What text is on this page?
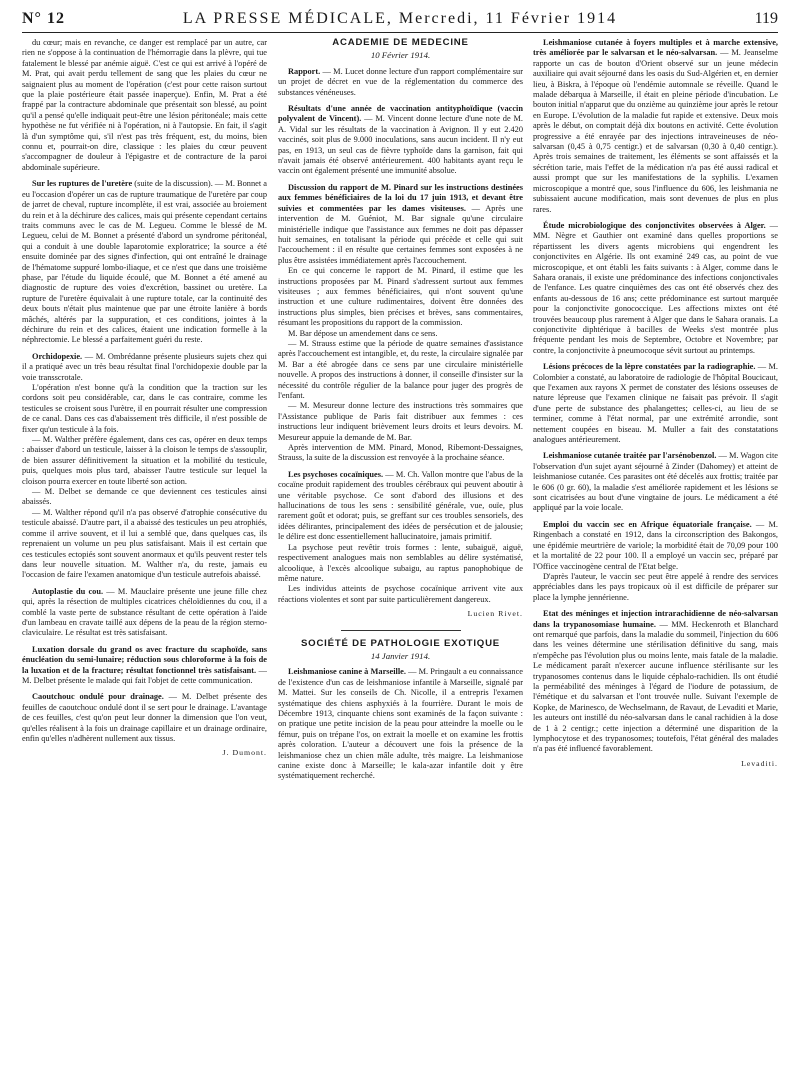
N° 12	LA PRESSE MÉDICALE, Mercredi, 11 Février 1914	119

du cœur; mais en revanche, ce danger est remplacé par un autre, car rien ne s'oppose à la continuation de l'hémorragie dans la plèvre, qui tue fatalement le blessé par anémie aiguë. C'est ce qui est arrivé à l'opéré de M. Prat, qui avait perdu tellement de sang que les plaies du cœur ne saignaient plus au moment de l'opération (c'est pour cette raison surtout que la plaie postérieure était passée inaperçue). Enfin, M. Prat a été frappé par la contracture abdominale que présentait son blessé, au point qu'il a pensé qu'elle indiquait peut-être une lésion péritonéale; mais cette hypothèse ne fut vérifiée ni à l'opération, ni à l'autopsie. En fait, il s'agit là d'un symptôme qui, s'il n'est pas très fréquent, est, du moins, bien connu et, pourrait-on dire, classique : les plaies du cœur peuvent s'accompagner de douleur à l'épigastre et de contracture de la paroi abdominale supérieure.

Sur les ruptures de l'uretère (suite de la discussion). — M. Bonnet a eu l'occasion d'opérer un cas de rupture traumatique de l'uretère par coup de jarret de cheval, rupture incomplète, il est vrai, associée au broiement du rein et à la déchirure des calices, mais qui présente cependant certains traits communs avec le cas de M. Legueu. Comme le blessé de M. Legueu, celui de M. Bonnet a présenté d'abord un syndrome péritonéal, qui a conduit à une double laparotomie exploratrice; la source a été ensuite dominée par des signes d'infection, qui ont entraîné le drainage de l'hématome suppuré lombo-iliaque, et ce n'est que dans une troisième phase, par l'étude du liquide écoulé, que M. Bonnet a été amené au diagnostic de rupture des voies d'excrétion, bassinet ou uretère. La rupture de l'uretère équivalait à une rupture totale, car la continuité des deux bouts n'était plus maintenue que par une étroite lanière à bords mâchés, altérés par la suppuration, et ces conditions, jointes à la déchirure du rein et des calices, étaient une indication formelle à la néphrectomie. Le blessé a parfaitement guéri du reste.

Orchidopexie. — M. Ombrédanne présente plusieurs sujets chez qui il a pratiqué avec un très beau résultat final l'orchidopexie double par la voie transscrotale.

L'opération n'est bonne qu'à la condition que la traction sur les cordons soit peu considérable, car, dans le cas contraire, comme les testicules se croisent sous l'urètre, il en pourrait résulter une compression de ce canal. Dans ces cas d'abaissement très difficile, il n'est possible de fixer qu'un testicule à la fois.

— M. Walther préfère également, dans ces cas, opérer en deux temps : abaisser d'abord un testicule, laisser à la cloison le temps de s'assouplir, de bien assurer définitivement la situation et la mobilité du testicule, puis, quelques mois plus tard, abaisser l'autre testicule sur lequel la cloison pourra exercer en toute liberté son action.

— M. Delbet se demande ce que deviennent ces testicules ainsi abaissés.

— M. Walther répond qu'il n'a pas observé d'atrophie consécutive du testicule abaissé. D'autre part, il a abaissé des testicules un peu atrophiés, comme il arrive souvent, et il lui a semblé que, dans quelques cas, ils reprenaient un volume un peu plus satisfaisant. Mais il est certain que ces testicules ectopiés sont souvent anormaux et qu'ils peuvent rester tels dans leur nouvelle situation. M. Walther n'a, du reste, jamais eu l'occasion de faire l'examen anatomique d'un testicule autrefois abaissé.

Autoplastie du cou. — M. Mauclaire présente une jeune fille chez qui, après la résection de multiples cicatrices chéloïdiennes du cou, il a comblé la vaste perte de substance résultant de cette opération à l'aide d'un lambeau en cravate taillé aux dépens de la peau de la région sterno-claviculaire. Le résultat est très satisfaisant.

Luxation dorsale du grand os avec fracture du scaphoïde, sans énucléation du semi-lunaire; réduction sous chloroforme à la fois de la luxation et de la fracture; résultat fonctionnel très satisfaisant. — M. Delbet présente le malade qui fait l'objet de cette communication.

Caoutchouc ondulé pour drainage. — M. Delbet présente des feuilles de caoutchouc ondulé dont il se sert pour le drainage. L'avantage de ces feuilles, c'est qu'on peut leur donner la dimension que l'on veut, qu'elles réalisent à la fois un drainage capillaire et un drainage ordinaire, enfin qu'elles n'adhèrent nullement aux tissus.

J. Dumont.
ACADÉMIE DE MÉDECINE
10 Février 1914.

Rapport. — M. Lucet donne lecture d'un rapport complémentaire sur un projet de décret en vue de la réglementation du commerce des substances vénéneuses.

Résultats d'une année de vaccination antityphoïdique (vaccin polyvalent de Vincent). — M. Vincent donne lecture d'une note de M. A. Vidal sur les résultats de la vaccination à Avignon. Il y eut 2.420 vaccinés, soit plus de 9.000 inoculations, sans aucun incident. Il n'y eut pas, en 1913, un seul cas de fièvre typhoïde dans la garnison, fait qui n'avait jamais été observé antérieurement. 400 habitants ayant reçu le vaccin ont également présenté une immunité absolue.

Discussion du rapport de M. Pinard sur les instructions destinées aux femmes bénéficiaires de la loi du 17 juin 1913, et devant être suivies et commentées par les dames visiteuses. — Après une intervention de M. Guéniot, M. Bar signale qu'une circulaire ministérielle indique que l'assistance aux femmes ne doit pas dépasser huit semaines, en totalisant la période qui précède et celle qui suit l'accouchement : il en résulte que certaines femmes sont exposées à ne plus être assistées immédiatement après l'accouchement.

En ce qui concerne le rapport de M. Pinard, il estime que les instructions proposées par M. Pinard s'adressent surtout aux femmes visiteuses ; aux femmes bénéficiaires, qui n'ont souvent qu'une instruction et une culture rudimentaires, doivent être données des instructions plus simples, bien précises et brèves, sans commentaires, résumant les propositions du rapport de la commission.

M. Bar dépose un amendement dans ce sens.

— M. Strauss estime que la période de quatre semaines d'assistance après l'accouchement est intangible, et, du reste, la circulaire signalée par M. Bar a été abrogée dans ce sens par une circulaire ministérielle nouvelle. A propos des instructions à donner, il conseille d'insister sur la nécessité du contrôle régulier de la balance pour juger des progrès de l'enfant.

— M. Mesureur donne lecture des instructions très sommaires que l'Assistance publique de Paris fait distribuer aux femmes : ces instructions leur indiquent brièvement leurs droits et leurs devoirs. M. Mesureur appuie la demande de M. Bar.

Après intervention de MM. Pinard, Monod, Ribemont-Dessaignes, Strauss, la suite de la discussion est renvoyée à la prochaine séance.

Les psychoses cocaïniques. — M. Ch. Vallon montre que l'abus de la cocaïne produit rapidement des troubles cérébraux qui peuvent aboutir à une véritable psychose. Ce sont d'abord des illusions et des hallucinations de tous les sens : sensibilité générale, vue, ouïe, plus rarement goût et odorat; puis, se greffant sur ces troubles sensoriels, des idées délirantes, principalement des idées de persécution et de jalousie; le délire est donc essentiellement hallucinatoire, jamais primitif.

La psychose peut revêtir trois formes : lente, subaiguë, aiguë, respectivement analogues mais non semblables au délire systématisé, alcoolique, à l'excès alcoolique subaigu, au raptus panophobique de même nature.

Les individus atteints de psychose cocaïnique arrivent vite aux réactions violentes et sont par suite particulièrement dangereux.

Lucien Rivet.
SOCIÉTÉ DE PATHOLOGIE EXOTIQUE
14 Janvier 1914.

Leishmaniose canine à Marseille. — M. Pringault a eu connaissance de l'existence d'un cas de leishmaniose infantile à Marseille, signalé par M. Mattei. Sur les conseils de Ch. Nicolle, il a entrepris l'examen systématique des chiens asphyxiés à la fourrière. Durant le mois de Décembre 1913, cinquante chiens sont examinés de la façon suivante : on pratique une petite incision de la peau pour atteindre la moelle ou le fémur, puis on trépane l'os, on extrait la moelle et on examine les frottis après coloration. L'auteur a découvert une fois la présence de la leishmaniose chez un chien mâle adulte, très maigre. La leishmaniose canine existe donc à Marseille; le kala-azar infantile doit y être systématiquement recherché.

Leishmaniose cutanée à foyers multiples et à marche extensive, très améliorée par le salvarsan et le néo-salvarsan. — M. Jeanselme rapporte un cas de bouton d'Orient observé sur un jeune médecin auxiliaire qui avait séjourné dans les oasis du Sud-Algérien et, en dernier lieu, à Biskra, à l'époque où l'endémie automnale se réveille. Quand le malade débarqua à Marseille, il était en pleine période d'incubation. Le bouton initial n'apparut que du onzième au quinzième jour après le retour en Europe. L'évolution de la maladie fut rapide et extensive. Deux mois après le début, on comptait déjà dix boutons en activité. Cette évolution progressive a été enrayée par des injections intraveineuses de néo-salvarsan (0,45 à 0,75 centigr.) et de salvarsan (0,30 à 0,40 centigr.). Après trois semaines de traitement, les éléments se sont affaissés et la sécrétion tarie, mais l'effet de la médication n'a pas été aussi radical et aussi prompt que sur les manifestations de la syphilis. L'examen microscopique a montré que, sous l'influence du 606, les leishmania ne subissaient aucune modification, mais sont devenues de plus en plus rares.

Étude microbiologique des conjonctivites observées à Alger. — MM. Nègre et Gauthier ont examiné dans quelles proportions se répartissent les divers agents microbiens qui engendrent les conjonctivites en Algérie. Ils ont examiné 249 cas, au point de vue microscopique, et ont établi les faits suivants : à Alger, comme dans le Sahara oranais, il existe une prédominance des infections conjonctivales de l'enfance. Les quatre cinquièmes des cas ont été observés chez des enfants au-dessous de 16 ans; cette prédominance est surtout marquée pour la conjonctivite gonococcique. Les affections mixtes ont été trouvées beaucoup plus rarement à Alger que dans le Sahara oranais. La conjonctivite diphtérique à bacilles de Weeks s'est montrée plus fréquente pendant les mois de Septembre, Octobre et Novembre; par contre, la conjonctivite à pneumocoque sévit surtout au printemps.

Lésions précoces de la lèpre constatées par la radiographie. — M. Colombier a constaté, au laboratoire de radiologie de l'hôpital Boucicaut, que l'examen aux rayons X permet de constater des lésions osseuses de nature lépreuse que l'examen clinique ne faisait pas prévoir. Il s'agit d'une perte de substance des phalangettes; celles-ci, au lieu de se terminer, comme à l'état normal, par une extrémité arrondie, sont nettement coupées en biseau. M. Muller a fait des constatations analogues antérieurement.

Leishmaniose cutanée traitée par l'arsénobenzol. — M. Wagon cite l'observation d'un sujet ayant séjourné à Zinder (Dahomey) et atteint de leishmaniose cutanée. Ces parasites ont été décelés aux frottis; traitée par le 606 (0 gr. 60), la maladie s'est améliorée rapidement et les lésions se sont cicatrisées au bout d'une vingtaine de jours. Le médicament a été appliqué par la voie locale.

Emploi du vaccin sec en Afrique équatoriale française. — M. Ringenbach a constaté en 1912, dans la circonscription des Bakongos, une épidémie meurtrière de variole; la morbidité était de 70,09 pour 100 et la mortalité de 22 pour 100. Il a employé un vaccin sec, préparé par l'Office vaccinogène central de l'Etat belge.

D'après l'auteur, le vaccin sec peut être appelé à rendre des services appréciables dans les pays tropicaux où il est difficile de préparer sur place la lymphe jennérienne.

Etat des méninges et injection intrarachidienne de néo-salvarsan dans la trypanosomiase humaine. — MM. Heckenroth et Blanchard ont remarqué que parfois, dans la maladie du sommeil, l'injection du 606 dans les veines détermine une stérilisation définitive du sang, mais n'empêche pas l'évolution plus ou moins lente, mais fatale de la maladie. Le médicament paraît n'exercer aucune influence stérilisante sur les trypanosomes contenus dans le liquide céphalo-rachidien. Ils ont étudié la perméabilité des méninges à l'égard de l'iodure de potassium, de l'émétique et du salvarsan et l'ont trouvée nulle. Suivant l'exemple de Kopke, de Marinesco, de Wechselmann, de Ravaut, de Levaditi et Marie, les auteurs ont instillé du néo-salvarsan dans le canal rachidien à la dose de 1 à 2 centigr.; cette injection a déterminé une disparition de la lymphocytose et des trypanosomes; toutefois, l'état général des malades n'a pas été influencé favorablement.

Levaditi.
